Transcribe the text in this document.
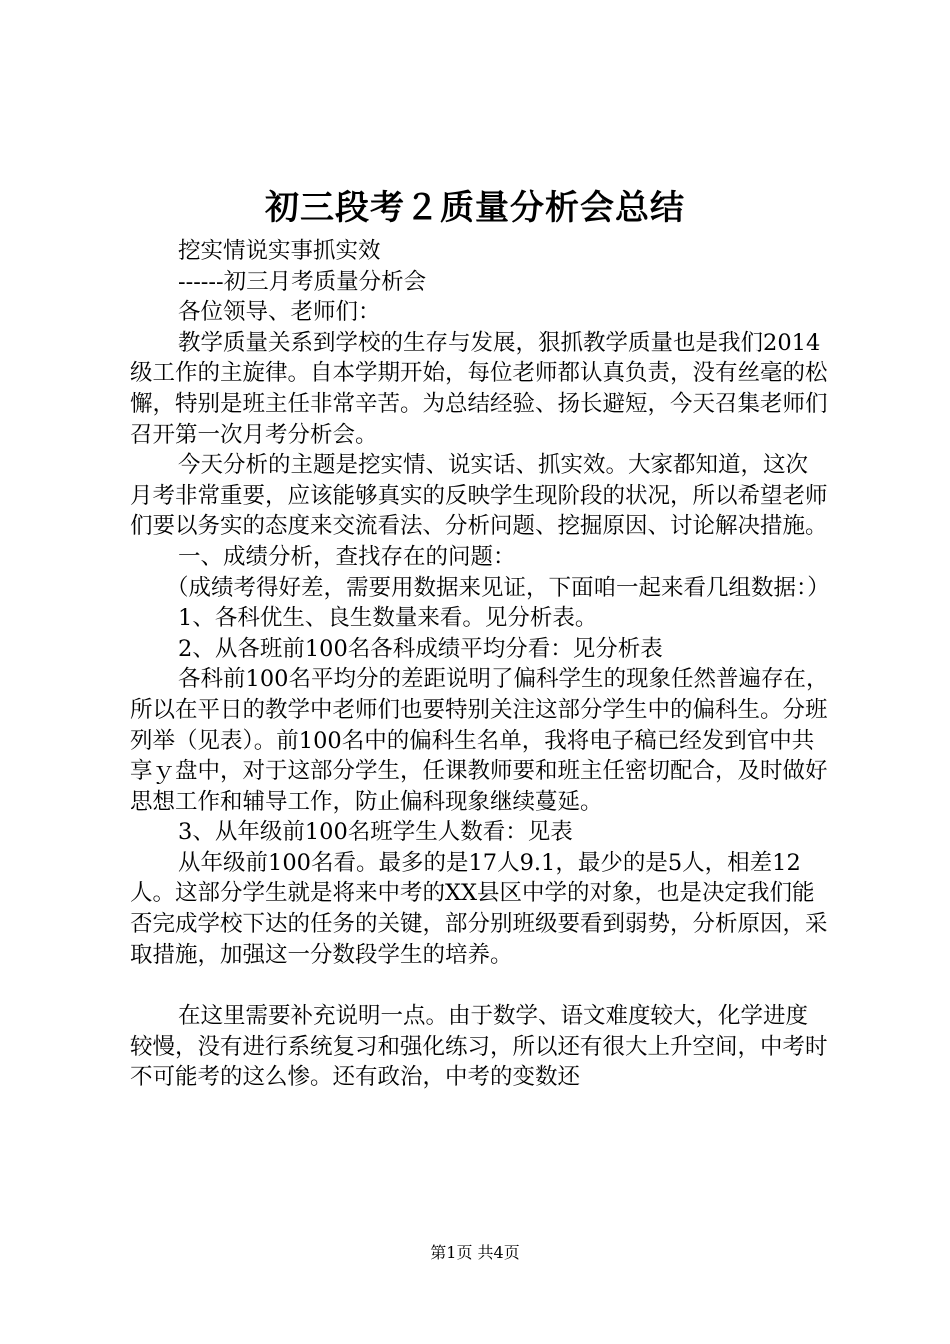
初三段考２质量分析会总结

挖实情说实事抓实效

------初三月考质量分析会

各位领导、老师们：

教学质量关系到学校的生存与发展，狠抓教学质量也是我们2014级工作的主旋律。自本学期开始，每位老师都认真负责，没有丝毫的松懈，特别是班主任非常辛苦。为总结经验、扬长避短，今天召集老师们召开第一次月考分析会。

今天分析的主题是挖实情、说实话、抓实效。大家都知道，这次月考非常重要，应该能够真实的反映学生现阶段的状况，所以希望老师们要以务实的态度来交流看法、分析问题、挖掘原因、讨论解决措施。

一、成绩分析，查找存在的问题：

（成绩考得好差，需要用数据来见证，下面咱一起来看几组数据：）

1、各科优生、良生数量来看。见分析表。

2、从各班前100名各科成绩平均分看：见分析表

各科前100名平均分的差距说明了偏科学生的现象任然普遍存在，所以在平日的教学中老师们也要特别关注这部分学生中的偏科生。分班列举（见表）。前100名中的偏科生名单，我将电子稿已经发到官中共享ｙ盘中，对于这部分学生，任课教师要和班主任密切配合，及时做好思想工作和辅导工作，防止偏科现象继续蔓延。

3、从年级前100名班学生人数看：见表

从年级前100名看。最多的是17人9.1，最少的是5人，相差12人。这部分学生就是将来中考的XX县区中学的对象，也是决定我们能否完成学校下达的任务的关键，部分别班级要看到弱势，分析原因，采取措施，加强这一分数段学生的培养。

在这里需要补充说明一点。由于数学、语文难度较大，化学进度较慢，没有进行系统复习和强化练习，所以还有很大上升空间，中考时不可能考的这么惨。还有政治，中考的变数还

第1页 共4页
